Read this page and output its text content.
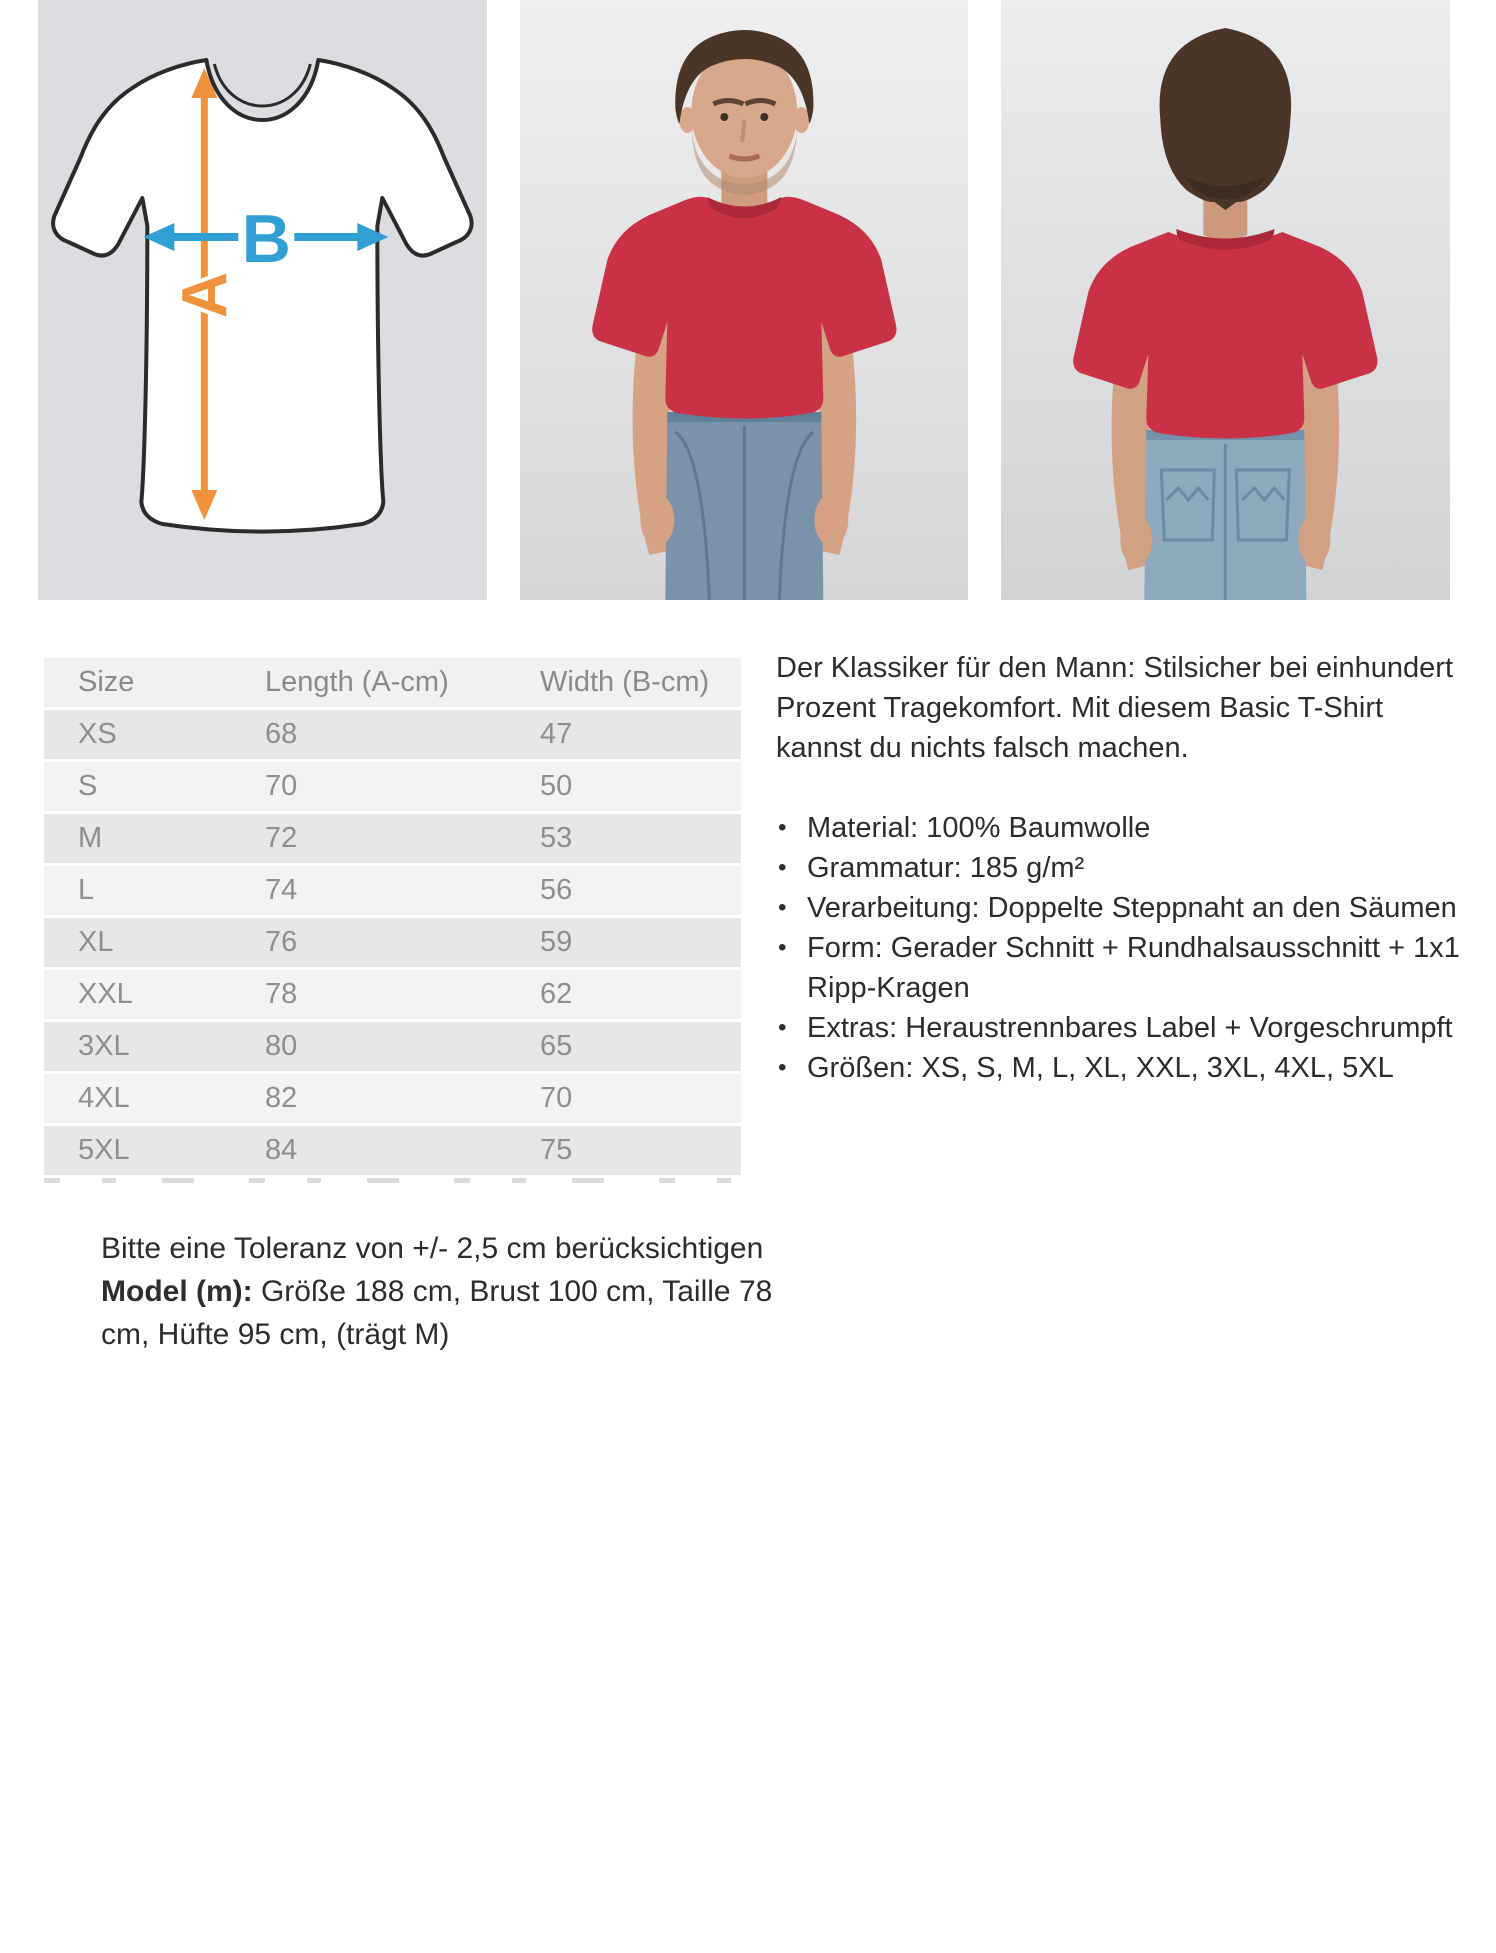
A
B
Size	Length (A-cm)	Width (B-cm)
XS	68	47
S	70	50
M	72	53
L	74	56
XL	76	59
XXL	78	62
3XL	80	65
4XL	82	70
5XL	84	75

Bitte eine Toleranz von +/- 2,5 cm berücksichtigen

Model (m): Größe 188 cm, Brust 100 cm, Taille 78 cm, Hüfte 95 cm, (trägt M)

Der Klassiker für den Mann: Stilsicher bei einhundert Prozent Tragekomfort. Mit diesem Basic T-Shirt kannst du nichts falsch machen.

• Material: 100% Baumwolle
• Grammatur: 185 g/m²
• Verarbeitung: Doppelte Steppnaht an den Säumen
• Form: Gerader Schnitt + Rundhalsausschnitt + 1x1 Ripp-Kragen
• Extras: Heraustrennbares Label + Vorgeschrumpft
• Größen: XS, S, M, L, XL, XXL, 3XL, 4XL, 5XL
